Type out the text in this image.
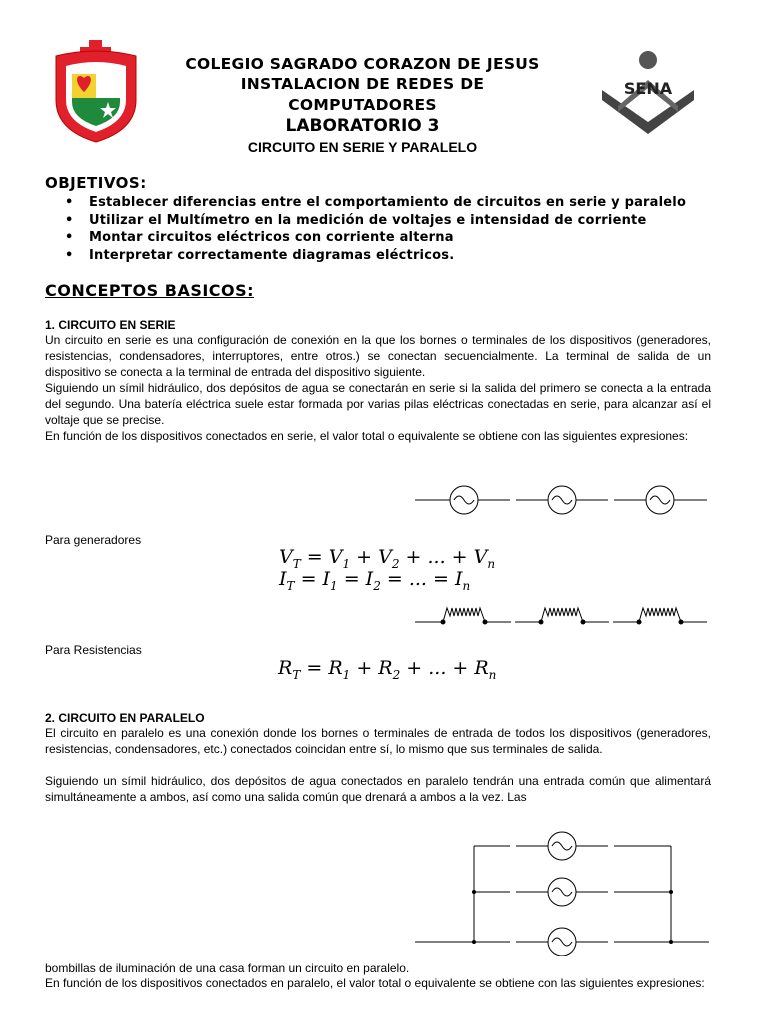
CUCUTA
SENA
COLEGIO SAGRADO CORAZON DE JESUS
INSTALACION DE REDES DE
COMPUTADORES
LABORATORIO 3
CIRCUITO EN SERIE Y PARALELO
OBJETIVOS:
• Establecer diferencias entre el comportamiento de circuitos en serie y paralelo
• Utilizar el Multímetro en la medición de voltajes e intensidad de corriente
• Montar circuitos eléctricos con corriente alterna
• Interpretar correctamente diagramas eléctricos.
CONCEPTOS BASICOS:
1. CIRCUITO EN SERIE
Un circuito en serie es una configuración de conexión en la que los bornes o terminales de los dispositivos (generadores, resistencias, condensadores, interruptores, entre otros.) se conectan secuencialmente. La terminal de salida de un dispositivo se conecta a la terminal de entrada del dispositivo siguiente.
Siguiendo un símil hidráulico, dos depósitos de agua se conectarán en serie si la salida del primero se conecta a la entrada del segundo. Una batería eléctrica suele estar formada por varias pilas eléctricas conectadas en serie, para alcanzar así el voltaje que se precise.
En función de los dispositivos conectados en serie, el valor total o equivalente se obtiene con las siguientes expresiones:
Para generadores
$V_T = V_1 + V_2$ + ... + $V_n$
$I_T = I_1 = I_2$ = ... = $I_n$
Para Resistencias
$R_T = R_1 + R_2$ + ... + $R_n$
2. CIRCUITO EN PARALELO
El circuito en paralelo es una conexión donde los bornes o terminales de entrada de todos los dispositivos (generadores, resistencias, condensadores, etc.) conectados coincidan entre sí, lo mismo que sus terminales de salida.
Siguiendo un símil hidráulico, dos depósitos de agua conectados en paralelo tendrán una entrada común que alimentará simultáneamente a ambos, así como una salida común que drenará a ambos a la vez. Las
bombillas de iluminación de una casa forman un circuito en paralelo.
En función de los dispositivos conectados en paralelo, el valor total o equivalente se obtiene con las siguientes expresiones:
